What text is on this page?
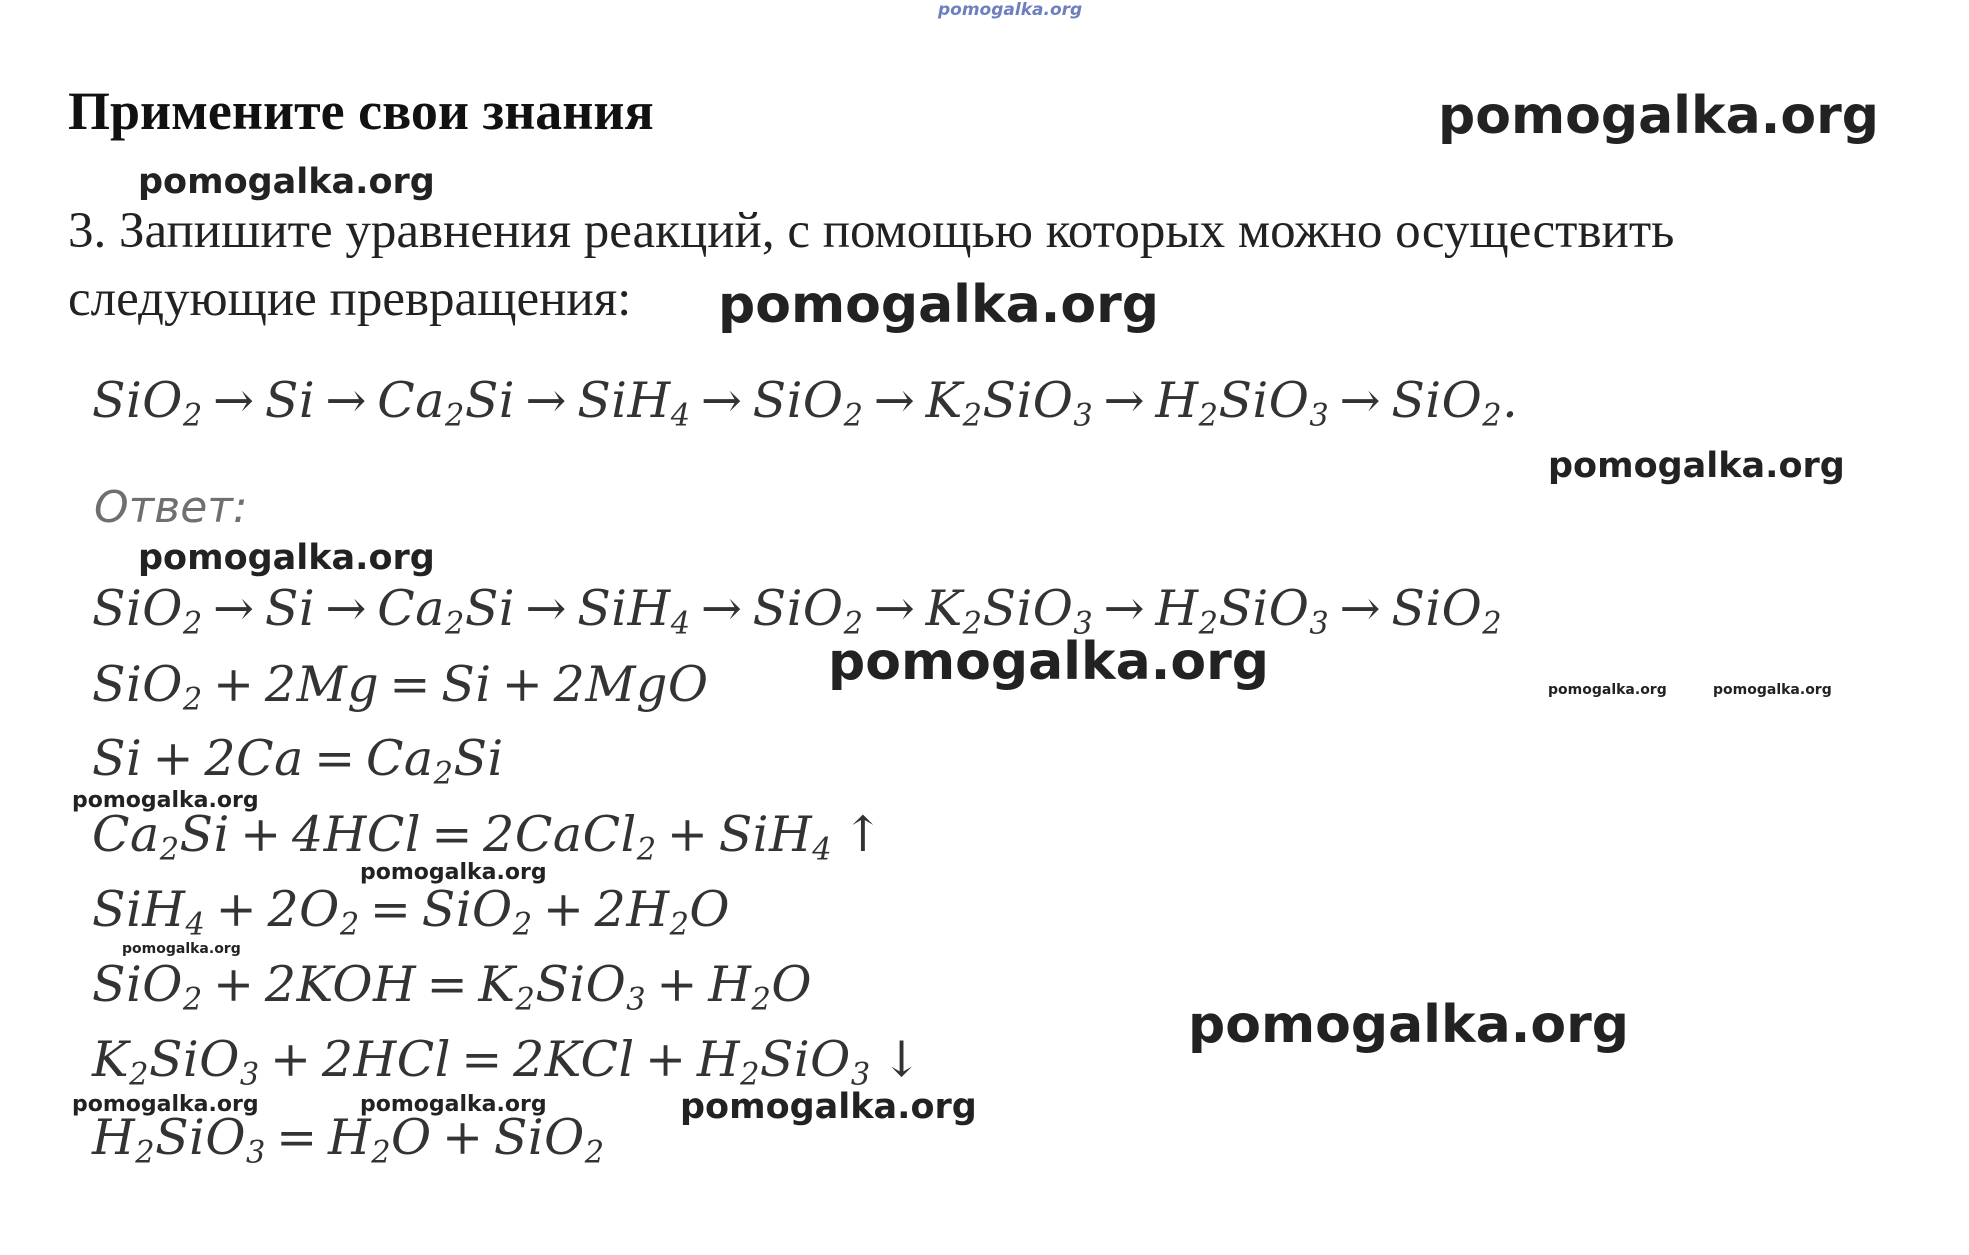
pomogalka.org
Примените свои знания	pomogalka.org
pomogalka.org
3. Запишите уравнения реакций, с помощью которых можно осуществить
следующие превращения:	pomogalka.org
$SiO_2 \to Si \to Ca_2Si \to SiH_4 \to SiO_2 \to K_2SiO_3 \to H_2SiO_3 \to SiO_2$.
pomogalka.org
Ответ:
pomogalka.org
$SiO_2 \to Si \to Ca_2Si \to SiH_4 \to SiO_2 \to K_2SiO_3 \to H_2SiO_3 \to SiO_2$
SiO$_2$ + 2Mg = Si + 2MgO
$Si + 2Ca = Ca_2Si$
$Ca_2Si + 4HCl$ = 2CaCl$_2$ + SiH$_4$ ↑
$SiH_4 + 2O_2 = SiO_2 + 2H_2O$
$SiO_2 + 2KOH = K_2SiO_3 + H_2O$
$K_2SiO_3 + 2HCl = 2KCl + H_2SiO_3$ ↓
$H_2SiO_3 = H_2O + SiO_2$
pomogalka.org	pomogalka.org	pomogalka.org
pomogalka.org
pomogalka.org
pomogalka.org
pomogalka.org
pomogalka.org	pomogalka.org	pomogalka.org
